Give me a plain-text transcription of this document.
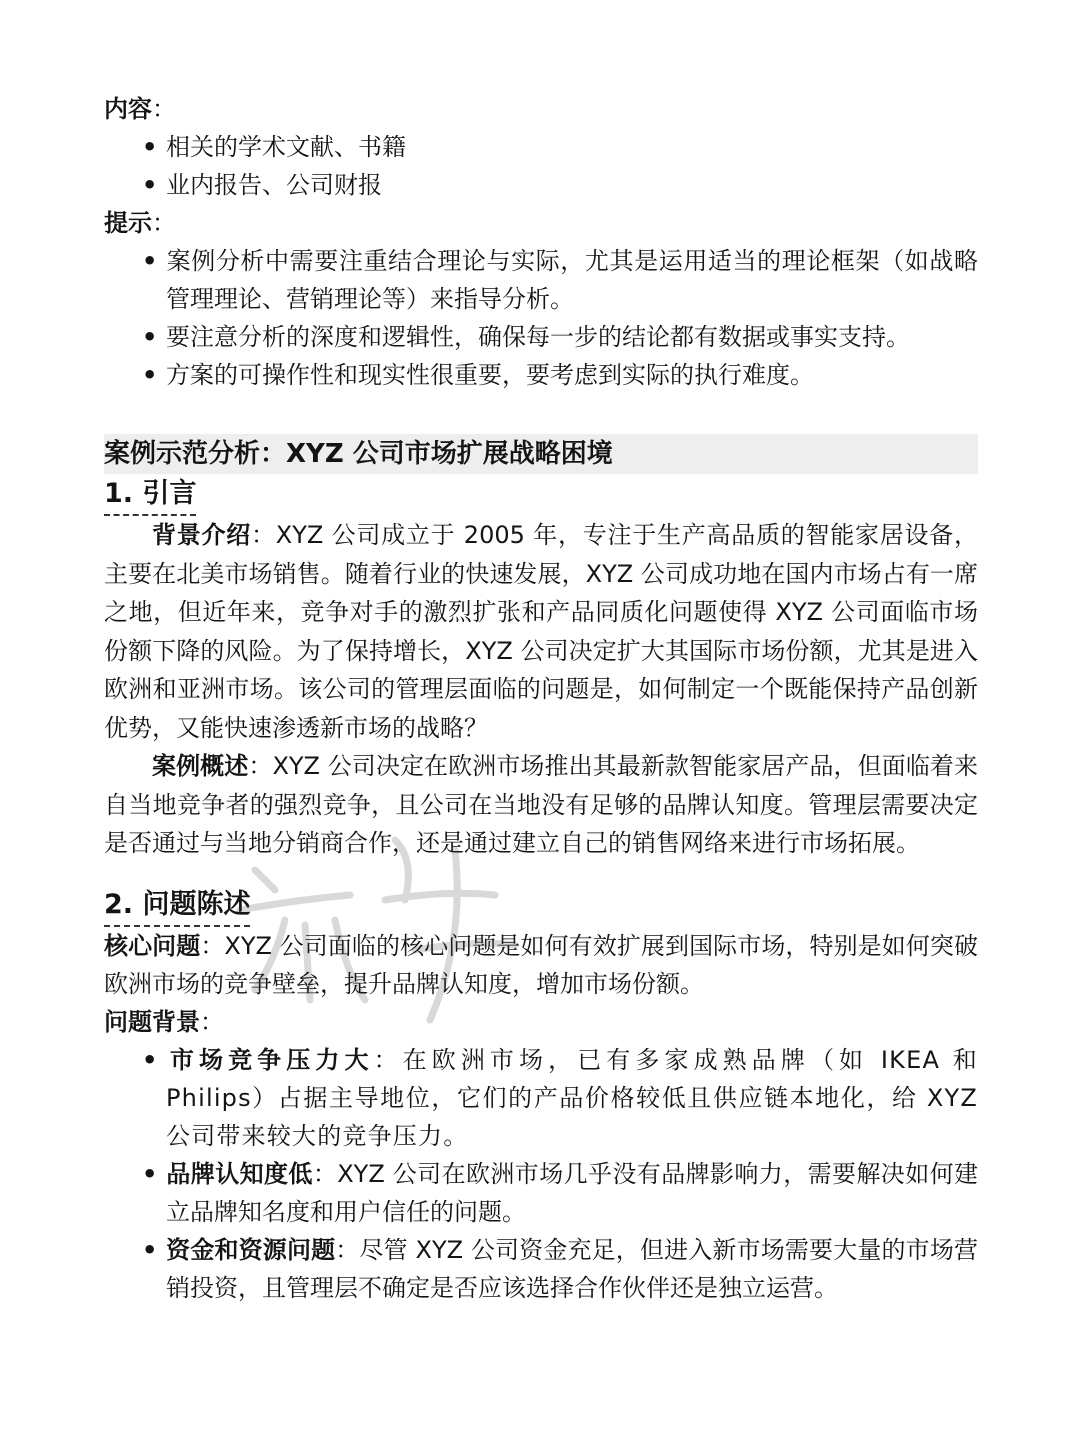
内容：
• 相关的学术文献、书籍
• 业内报告、公司财报
提示：
• 案例分析中需要注重结合理论与实际，尤其是运用适当的理论框架（如战略管理理论、营销理论等）来指导分析。
• 要注意分析的深度和逻辑性，确保每一步的结论都有数据或事实支持。
• 方案的可操作性和现实性很重要，要考虑到实际的执行难度。
案例示范分析：XYZ 公司市场扩展战略困境
1. 引言
背景介绍：XYZ 公司成立于 2005 年，专注于生产高品质的智能家居设备，主要在北美市场销售。随着行业的快速发展，XYZ 公司成功地在国内市场占有一席之地，但近年来，竞争对手的激烈扩张和产品同质化问题使得 XYZ 公司面临市场份额下降的风险。为了保持增长，XYZ 公司决定扩大其国际市场份额，尤其是进入欧洲和亚洲市场。该公司的管理层面临的问题是，如何制定一个既能保持产品创新优势，又能快速渗透新市场的战略？
案例概述：XYZ 公司决定在欧洲市场推出其最新款智能家居产品，但面临着来自当地竞争者的强烈竞争，且公司在当地没有足够的品牌认知度。管理层需要决定是否通过与当地分销商合作，还是通过建立自己的销售网络来进行市场拓展。
2. 问题陈述
核心问题：XYZ 公司面临的核心问题是如何有效扩展到国际市场，特别是如何突破欧洲市场的竞争壁垒，提升品牌认知度，增加市场份额。
问题背景：
• 市场竞争压力大：在欧洲市场，已有多家成熟品牌（如 IKEA 和 Philips）占据主导地位，它们的产品价格较低且供应链本地化，给 XYZ 公司带来较大的竞争压力。
• 品牌认知度低：XYZ 公司在欧洲市场几乎没有品牌影响力，需要解决如何建立品牌知名度和用户信任的问题。
• 资金和资源问题：尽管 XYZ 公司资金充足，但进入新市场需要大量的市场营销投资，且管理层不确定是否应该选择合作伙伴还是独立运营。
